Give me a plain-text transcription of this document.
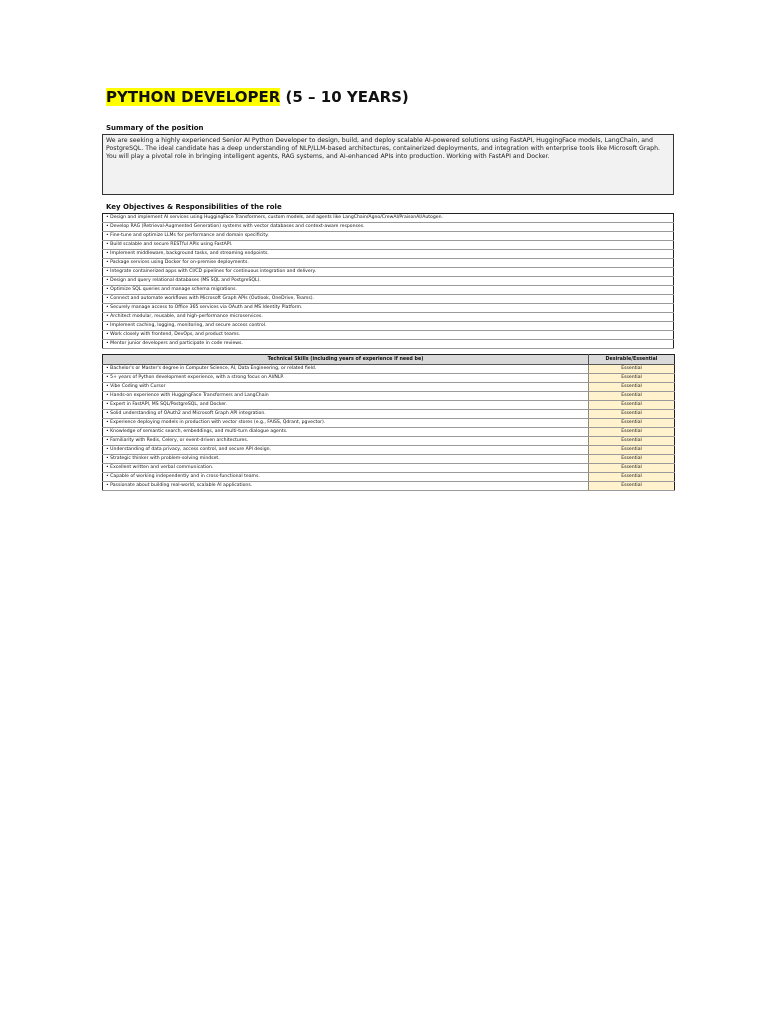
PYTHON DEVELOPER (5 – 10 YEARS)
Summary of the position
We are seeking a highly experienced Senior AI Python Developer to design, build, and deploy scalable AI-powered solutions using FastAPI, HuggingFace models, LangChain, and PostgreSQL. The ideal candidate has a deep understanding of NLP/LLM-based architectures, containerized deployments, and integration with enterprise tools like Microsoft Graph. You will play a pivotal role in bringing intelligent agents, RAG systems, and AI-enhanced APIs into production. Working with FastAPI and Docker.
Key Objectives & Responsibilities of the role
• Design and implement AI services using HuggingFace Transformers, custom models, and agents like LangChain/Agno/CrewAI/PraisonAI/Autogen.
• Develop RAG (Retrieval-Augmented Generation) systems with vector databases and context-aware responses.
• Fine-tune and optimize LLMs for performance and domain specificity.
• Build scalable and secure RESTful APIs using FastAPI.
• Implement middleware, background tasks, and streaming endpoints.
• Package services using Docker for on-premise deployments.
• Integrate containerized apps with CI/CD pipelines for continuous integration and delivery.
• Design and query relational databases (MS SQL and PostgreSQL).
• Optimize SQL queries and manage schema migrations.
• Connect and automate workflows with Microsoft Graph APIs (Outlook, OneDrive, Teams).
• Securely manage access to Office 365 services via OAuth and MS Identity Platform.
• Architect modular, reusable, and high-performance microservices.
• Implement caching, logging, monitoring, and secure access control.
• Work closely with frontend, DevOps, and product teams.
• Mentor junior developers and participate in code reviews.
Technical Skills (including years of experience if need be)	Desirable/Essential
• Bachelor's or Master's degree in Computer Science, AI, Data Engineering, or related field.	Essential
• 5+ years of Python development experience, with a strong focus on AI/NLP.	Essential
• Vibe Coding with Cursor	Essential
• Hands-on experience with HuggingFace Transformers and LangChain	Essential
• Expert in FastAPI, MS SQL/PostgreSQL, and Docker.	Essential
• Solid understanding of OAuth2 and Microsoft Graph API integration.	Essential
• Experience deploying models in production with vector stores (e.g., FAISS, Qdrant, pgvector).	Essential
• Knowledge of semantic search, embeddings, and multi-turn dialogue agents.	Essential
• Familiarity with Redis, Celery, or event-driven architectures.	Essential
• Understanding of data privacy, access control, and secure API design.	Essential
• Strategic thinker with problem-solving mindset.	Essential
• Excellent written and verbal communication.	Essential
• Capable of working independently and in cross-functional teams.	Essential
• Passionate about building real-world, scalable AI applications.	Essential
